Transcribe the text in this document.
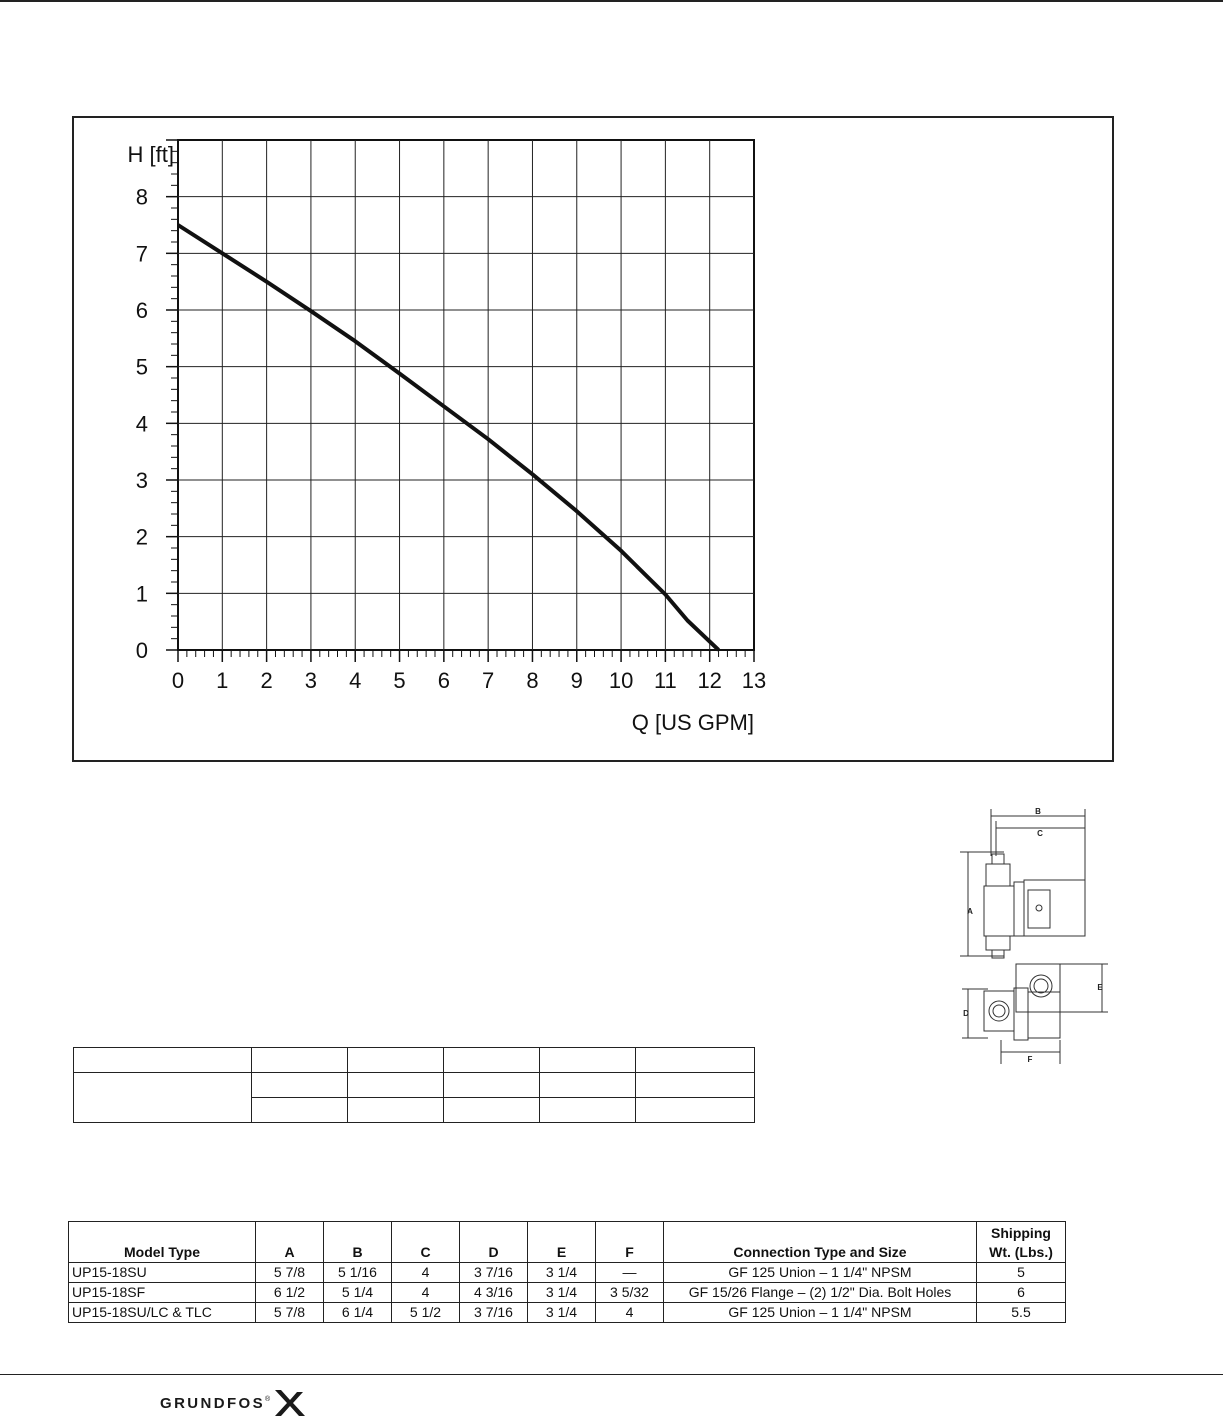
0 1 2 3 4 5 6 7 8 9 10 11 12 13
0
1
2
3
4
5
6
7
8
H [ft]
Q [US GPM]
B
C
A
E
D
F

Model Type	A	B	C	D	E	F	Connection Type and Size	Shipping Wt. (Lbs.)
UP15-18SU	5 7/8	5 1/16	4	3 7/16	3 1/4	—	GF 125 Union – 1 1/4" NPSM	5
UP15-18SF	6 1/2	5 1/4	4	4 3/16	3 1/4	3 5/32	GF 15/26 Flange – (2) 1/2" Dia. Bolt Holes	6
UP15-18SU/LC & TLC	5 7/8	6 1/4	5 1/2	3 7/16	3 1/4	4	GF 125 Union – 1 1/4" NPSM	5.5
GRUNDFOS ®
